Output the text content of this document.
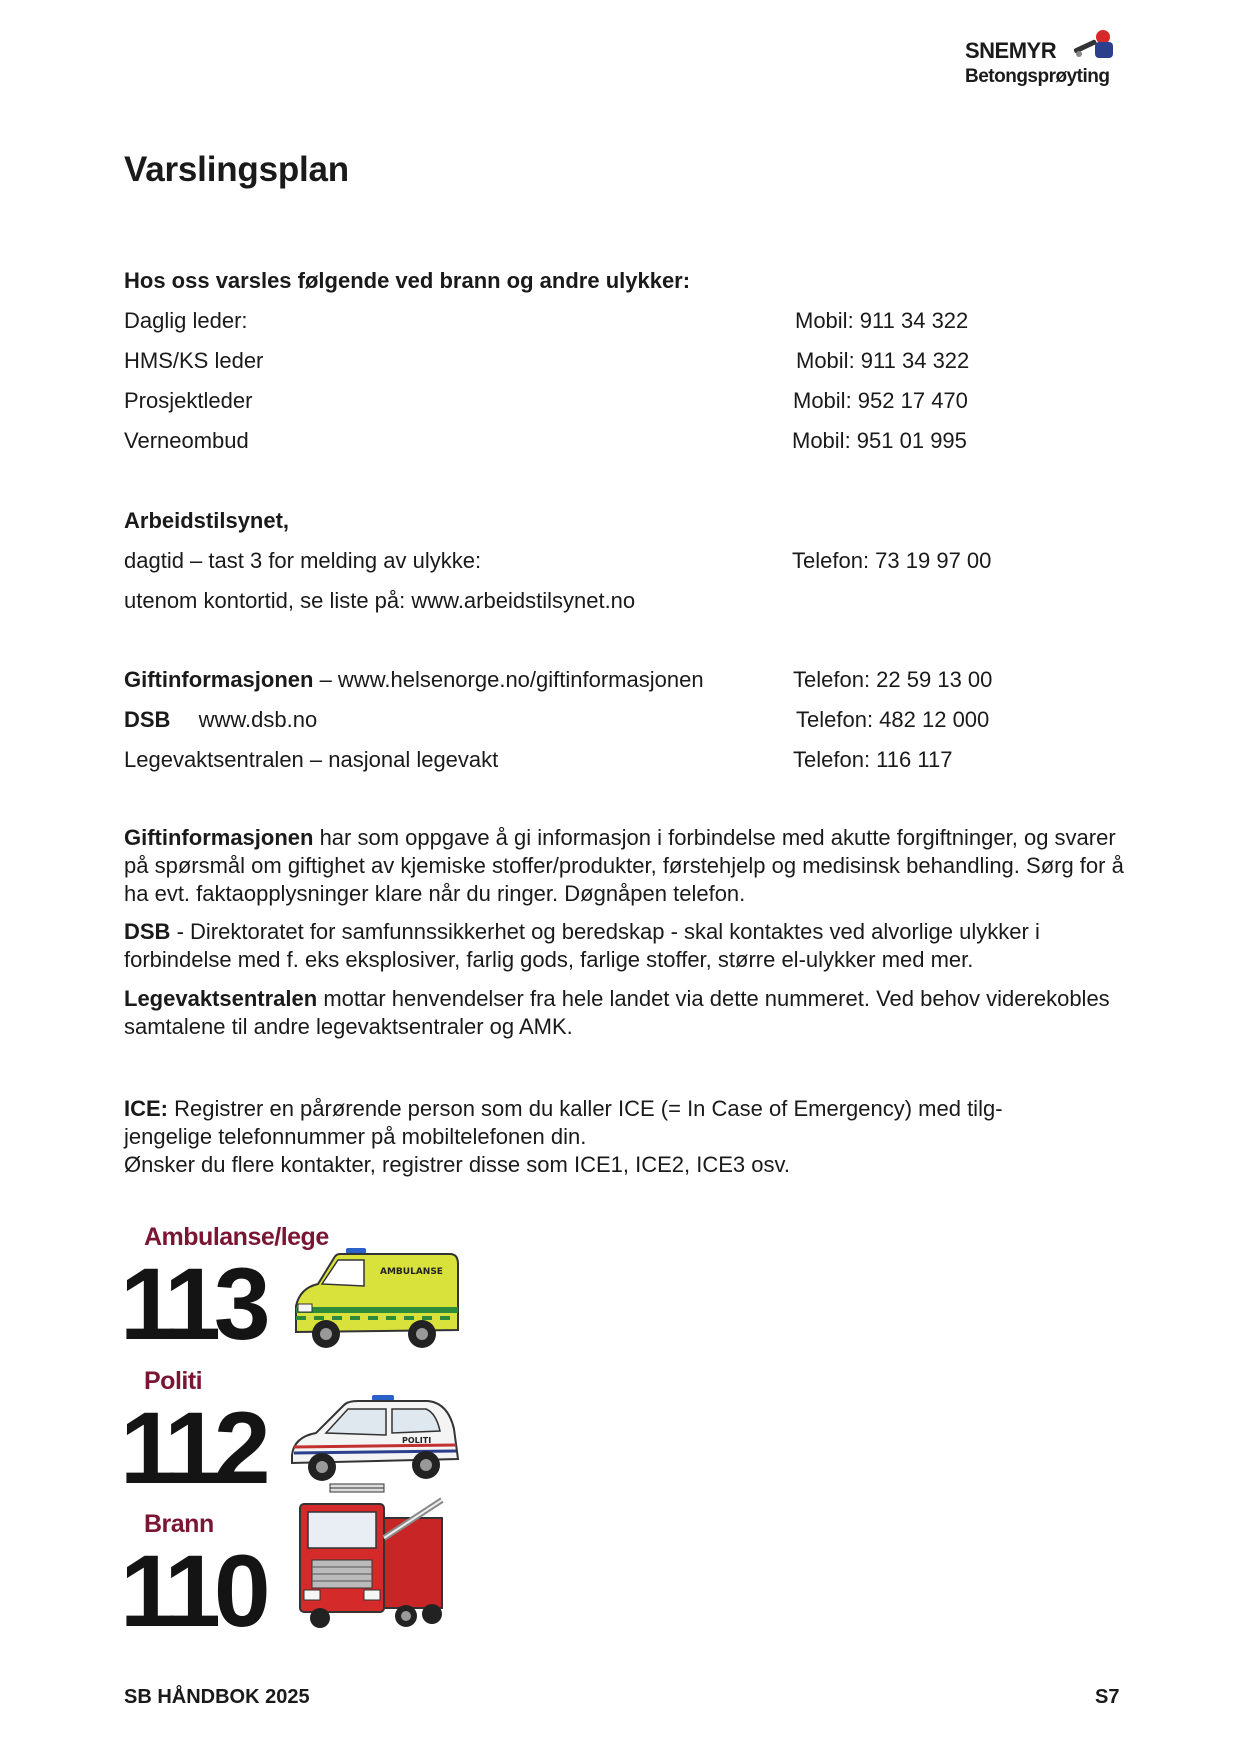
SNEMYR
Betongsprøyting
Varslingsplan
Hos oss varsles følgende ved brann og andre ulykker:
Daglig leder:	Mobil: 911 34 322
HMS/KS leder	Mobil: 911 34 322
Prosjektleder	Mobil: 952 17 470
Verneombud	Mobil: 951 01 995
Arbeidstilsynet,
dagtid – tast 3 for melding av ulykke:	Telefon: 73 19 97 00
utenom kontortid, se liste på: www.arbeidstilsynet.no
Giftinformasjonen – www.helsenorge.no/giftinformasjonen	Telefon: 22 59 13 00
DSB www.dsb.no	Telefon: 482 12 000
Legevaktsentralen – nasjonal legevakt	Telefon: 116 117

Giftinformasjonen har som oppgave å gi informasjon i forbindelse med akutte forgiftninger, og svarer på spørsmål om giftighet av kjemiske stoffer/produkter, førstehjelp og medisinsk behandling. Sørg for å ha evt. faktaopplysninger klare når du ringer. Døgnåpen telefon.

DSB - Direktoratet for samfunnssikkerhet og beredskap - skal kontaktes ved alvorlige ulykker i forbindelse med f. eks eksplosiver, farlig gods, farlige stoffer, større el-ulykker med mer.

Legevaktsentralen mottar henvendelser fra hele landet via dette nummeret. Ved behov viderekobles samtalene til andre legevaktsentraler og AMK.

ICE: Registrer en pårørende person som du kaller ICE (= In Case of Emergency) med tilg-

jengelige telefonnummer på mobiltelefonen din.

Ønsker du flere kontakter, registrer disse som ICE1, ICE2, ICE3 osv.

Ambulanse/lege
113
Politi
112
Brann
110
AMBULANSE
POLITI
SB HÅNDBOK 2025	S7
